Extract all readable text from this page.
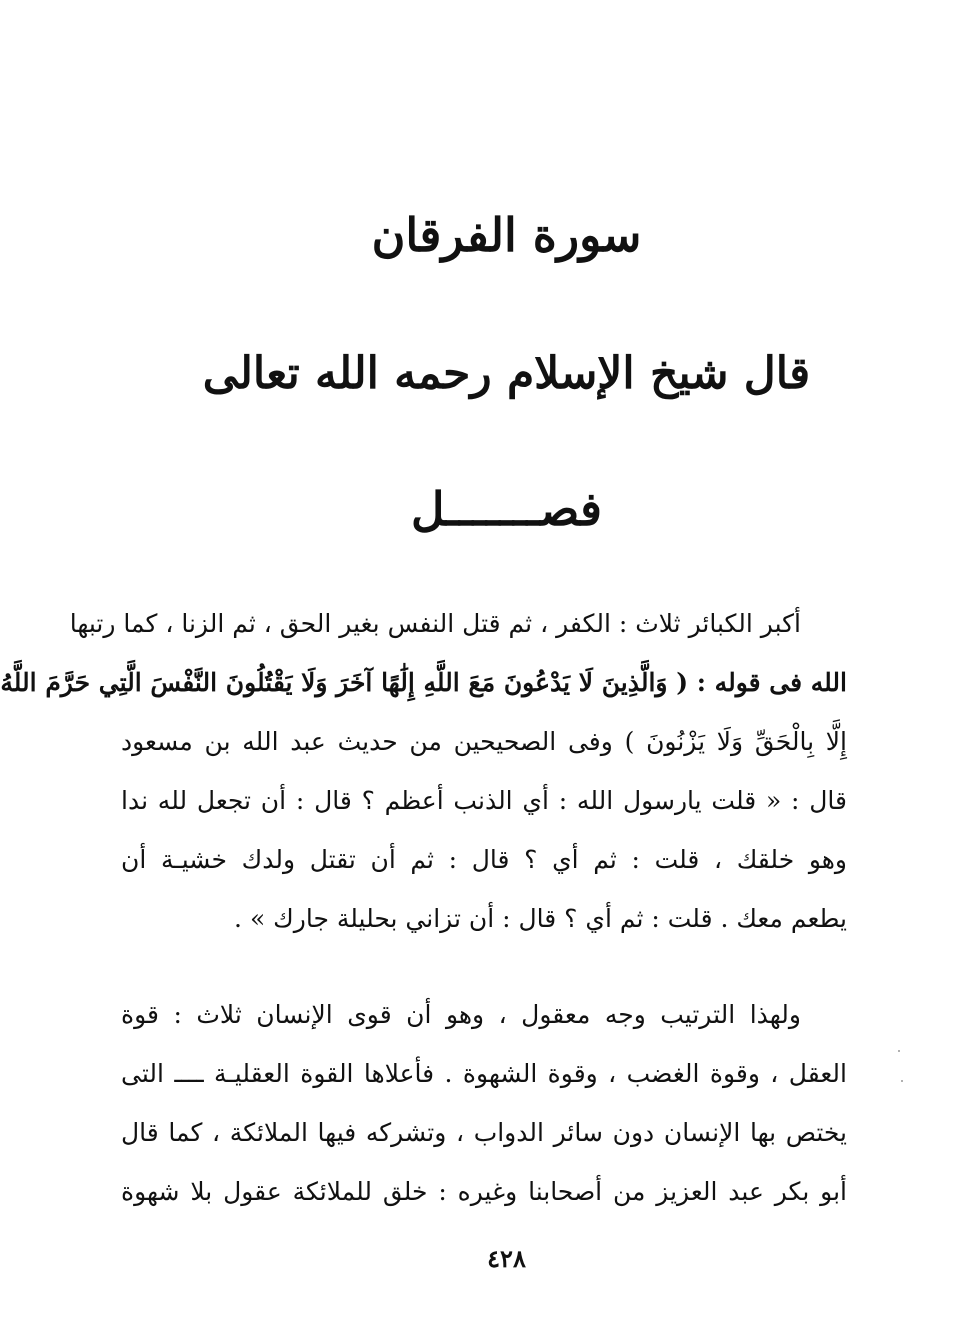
سورة الفرقان
قال شيخ الإسلام رحمه الله تعالى
فصـــــــل
أكبر الكبائر ثلاث : الكفر ، ثم قتل النفس بغير الحق ، ثم الزنا ، كما رتبها
الله فى قوله : ( وَالَّذِينَ لَا يَدْعُونَ مَعَ اللَّهِ إِلَٰهًا آخَرَ وَلَا يَقْتُلُونَ النَّفْسَ الَّتِي حَرَّمَ اللَّهُ
إِلَّا بِالْحَقِّ وَلَا يَزْنُونَ ) وفى الصحيحين من حديث عبد الله بن مسعود
قال : « قلت يارسول الله : أي الذنب أعظم ؟ قال : أن تجعل لله ندا
وهو خلقك ، قلت : ثم أي ؟ قال : ثم أن تقتل ولدك خشيـة أن
يطعم معك . قلت : ثم أي ؟ قال : أن تزاني بحليلة جارك » .
ولهذا الترتيب وجه معقول ، وهو أن قوى الإنسان ثلاث : قوة
العقل ، وقوة الغضب ، وقوة الشهوة . فأعلاها القوة العقليـة ــــ التى
يختص بها الإنسان دون سائر الدواب ، وتشركه فيها الملائكة ، كما قال
أبو بكر عبد العزيز من أصحابنا وغيره : خلق للملائكة عقول بلا شهوة
٤٢٨
